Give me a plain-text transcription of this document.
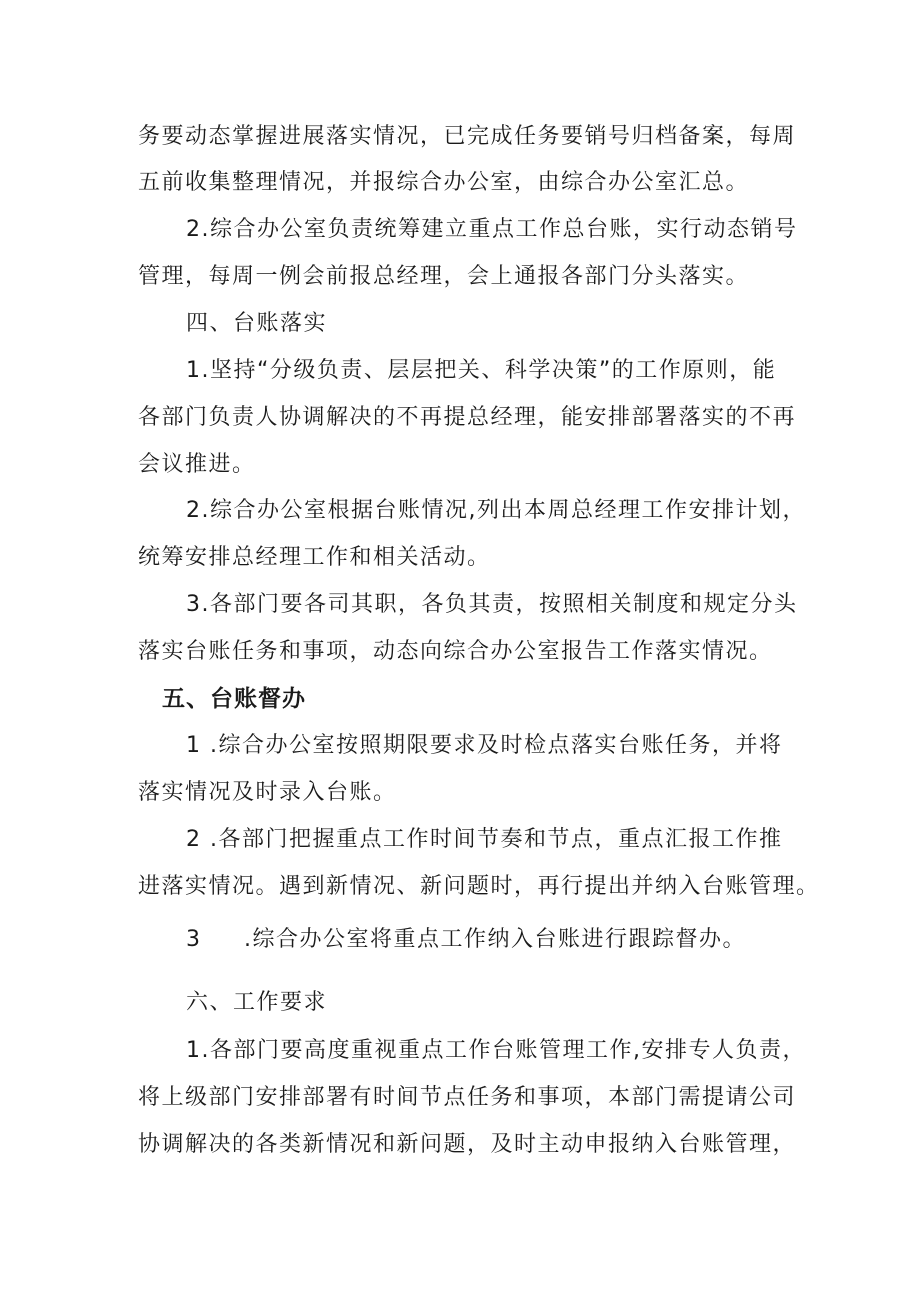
务要动态掌握进展落实情况，已完成任务要销号归档备案，每周
五前收集整理情况，并报综合办公室，由综合办公室汇总。
2.综合办公室负责统筹建立重点工作总台账，实行动态销号
管理，每周一例会前报总经理，会上通报各部门分头落实。
四、台账落实
1.坚持“分级负责、层层把关、科学决策”的工作原则，能
各部门负责人协调解决的不再提总经理，能安排部署落实的不再
会议推进。
2.综合办公室根据台账情况,列出本周总经理工作安排计划，
统筹安排总经理工作和相关活动。
3.各部门要各司其职，各负其责，按照相关制度和规定分头
落实台账任务和事项，动态向综合办公室报告工作落实情况。
五、台账督办
1 .综合办公室按照期限要求及时检点落实台账任务，并将
落实情况及时录入台账。
2 .各部门把握重点工作时间节奏和节点，重点汇报工作推
进落实情况。遇到新情况、新问题时，再行提出并纳入台账管理。
3 .综合办公室将重点工作纳入台账进行跟踪督办。
六、工作要求
1.各部门要高度重视重点工作台账管理工作,安排专人负责，
将上级部门安排部署有时间节点任务和事项，本部门需提请公司
协调解决的各类新情况和新问题，及时主动申报纳入台账管理，
